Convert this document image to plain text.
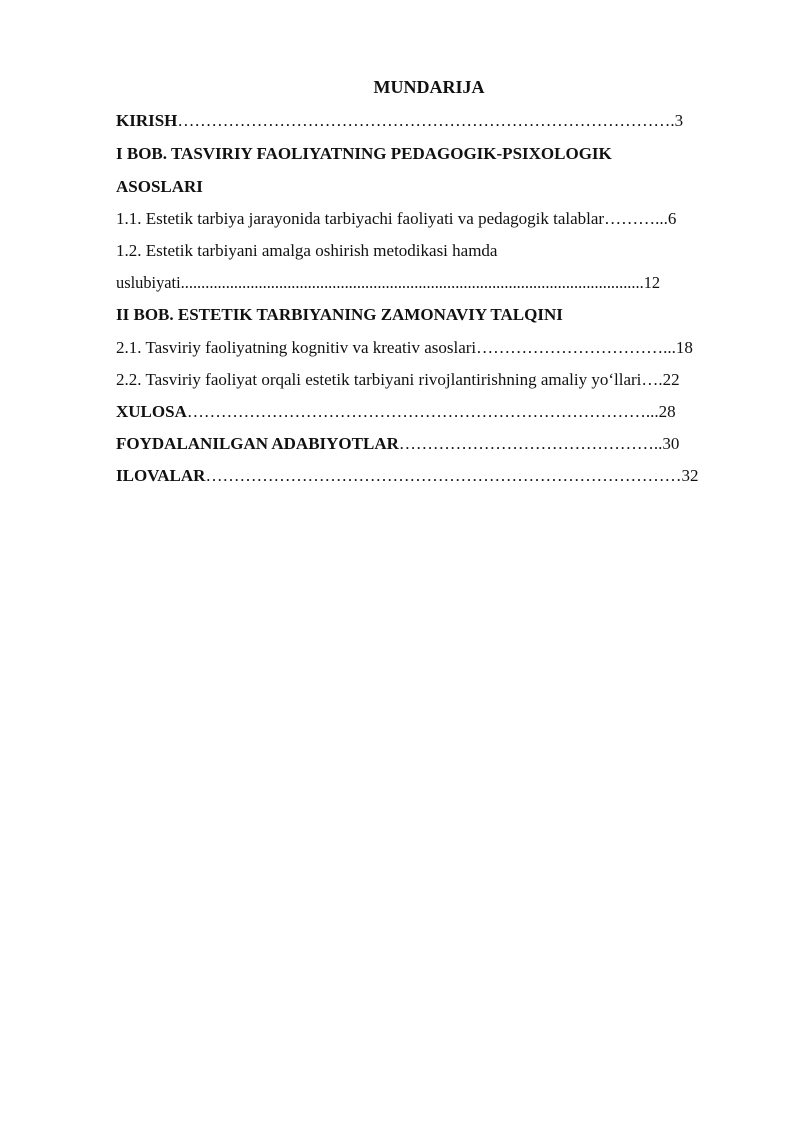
MUNDARIJA
KIRISH…………………………………………………………………………….3
I BOB. TASVIRIY FAOLIYATNING PEDAGOGIK-PSIXOLOGIK
ASOSLARI
1.1. Estetik tarbiya jarayonida tarbiyachi faoliyati va pedagogik talablar………...6
1.2. Estetik tarbiyani amalga oshirish metodikasi hamda
uslubiyati.................................................................................................................12
II BOB. ESTETIK TARBIYANING ZAMONAVIY TALQINI
2.1. Tasviriy faoliyatning kognitiv va kreativ asoslari……………………………...18
2.2. Tasviriy faoliyat orqali estetik tarbiyani rivojlantirishning amaliy yo‘llari….22
XULOSA………………………………………………………………………...28
FOYDALANILGAN ADABIYOTLAR………………………………………..30
ILOVALAR…………………………………………………………………………32
